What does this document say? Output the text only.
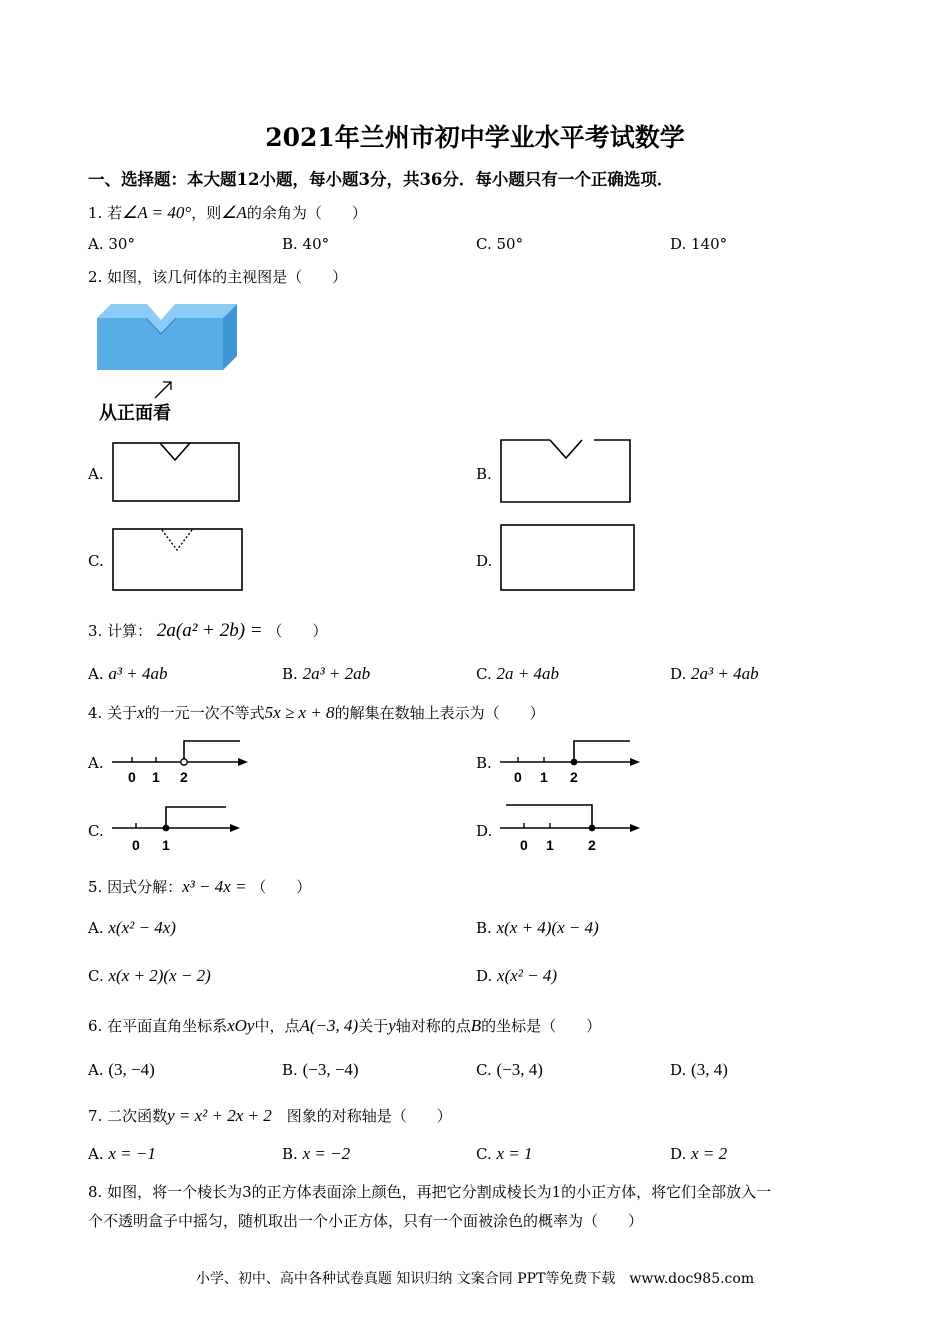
2021年兰州市初中学业水平考试数学
一、选择题：本大题12小题，每小题3分，共36分．每小题只有一个正确选项．
1. 若∠A = 40°，则∠A的余角为（　　）
A. 30°	B. 40°	C. 50°	D. 140°
2. 如图，该几何体的主视图是（　　）
从正面看
A.	B.
C.	D.
3. 计算： 2a(a² + 2b) = （　　）
A. a³ + 4ab	B. 2a³ + 2ab	C. 2a + 4ab	D. 2a³ + 4ab
4. 关于x的一元一次不等式5x ≥ x + 8的解集在数轴上表示为（　　）
A.
0 1 2
B.
0 1 2
C.
0 1
D.
0 1 2
5. 因式分解：x³ − 4x = （　　）
A. x(x² − 4x)	B. x(x + 4)(x − 4)
C. x(x + 2)(x − 2)	D. x(x² − 4)
6. 在平面直角坐标系xOy中，点A(−3, 4)关于y轴对称的点B的坐标是（　　）
A. (3, −4)	B. (−3, −4)	C. (−3, 4)	D. (3, 4)
7. 二次函数y = x² + 2x + 2　 图象的对称轴是（　　）
A. x = −1	B. x = −2	C. x = 1	D. x = 2
8. 如图，将一个棱长为3的正方体表面涂上颜色，再把它分割成棱长为1的小正方体，将它们全部放入一
个不透明盒子中摇匀，随机取出一个小正方体，只有一个面被涂色的概率为（　　）
小学、初中、高中各种试卷真题 知识归纳 文案合同 PPT等免费下载　www.doc985.com
